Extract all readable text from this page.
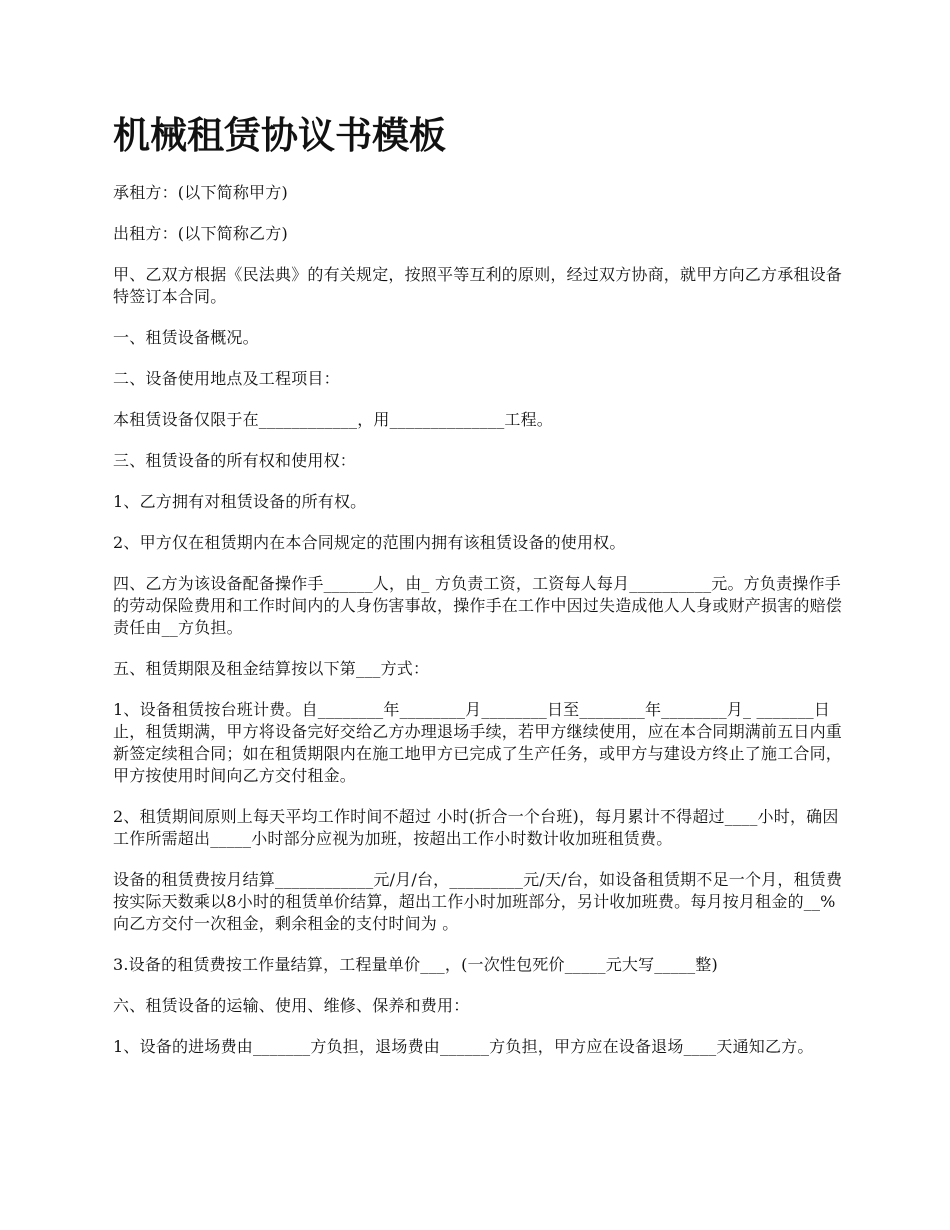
机械租赁协议书模板

承租方：(以下简称甲方)

出租方：(以下简称乙方)

甲、乙双方根据《民法典》的有关规定，按照平等互利的原则，经过双方协商，就甲方向乙方承租设备特签订本合同。

一、租赁设备概况。

二、设备使用地点及工程项目：

本租赁设备仅限于在____________，用______________工程。

三、租赁设备的所有权和使用权：

1、乙方拥有对租赁设备的所有权。

2、甲方仅在租赁期内在本合同规定的范围内拥有该租赁设备的使用权。

四、乙方为该设备配备操作手______人，由_ 方负责工资，工资每人每月__________元。方负责操作手的劳动保险费用和工作时间内的人身伤害事故，操作手在工作中因过失造成他人人身或财产损害的赔偿责任由__方负担。

五、租赁期限及租金结算按以下第___方式：

1、设备租赁按台班计费。自________年________月________日至________年________月_ _______日止，租赁期满，甲方将设备完好交给乙方办理退场手续，若甲方继续使用，应在本合同期满前五日内重新签定续租合同；如在租赁期限内在施工地甲方已完成了生产任务，或甲方与建设方终止了施工合同，甲方按使用时间向乙方交付租金。

2、租赁期间原则上每天平均工作时间不超过 小时(折合一个台班)，每月累计不得超过____小时，确因工作所需超出_____小时部分应视为加班，按超出工作小时数计收加班租赁费。

设备的租赁费按月结算____________元/月/台，_________元/天/台，如设备租赁期不足一个月，租赁费按实际天数乘以8小时的租赁单价结算，超出工作小时加班部分，另计收加班费。每月按月租金的__%向乙方交付一次租金，剩余租金的支付时间为 。

3.设备的租赁费按工作量结算，工程量单价___，(一次性包死价_____元大写_____整)

六、租赁设备的运输、使用、维修、保养和费用：

1、设备的进场费由_______方负担，退场费由______方负担，甲方应在设备退场____天通知乙方。
